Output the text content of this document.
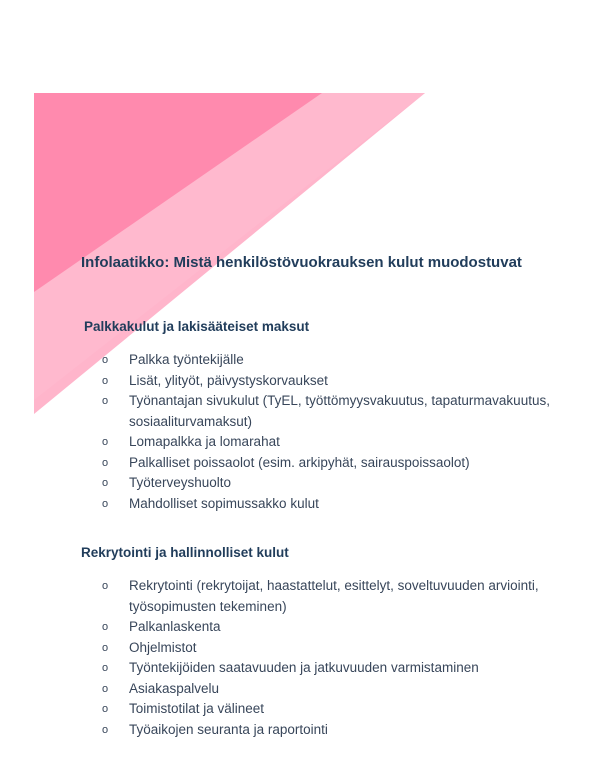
Infolaatikko: Mistä henkilöstövuokrauksen kulut muodostuvat
Palkkakulut ja lakisääteiset maksut
o Palkka työntekijälle
o Lisät, ylityöt, päivystyskorvaukset
o Työnantajan sivukulut (TyEL, työttömyysvakuutus, tapaturmavakuutus, sosiaaliturvamaksut)
o Lomapalkka ja lomarahat
o Palkalliset poissaolot (esim. arkipyhät, sairauspoissaolot)
o Työterveyshuolto
o Mahdolliset sopimussakko kulut
Rekrytointi ja hallinnolliset kulut
o Rekrytointi (rekrytoijat, haastattelut, esittelyt, soveltuvuuden arviointi, työsopimusten tekeminen)
o Palkanlaskenta
o Ohjelmistot
o Työntekijöiden saatavuuden ja jatkuvuuden varmistaminen
o Asiakaspalvelu
o Toimistotilat ja välineet
o Työaikojen seuranta ja raportointi
